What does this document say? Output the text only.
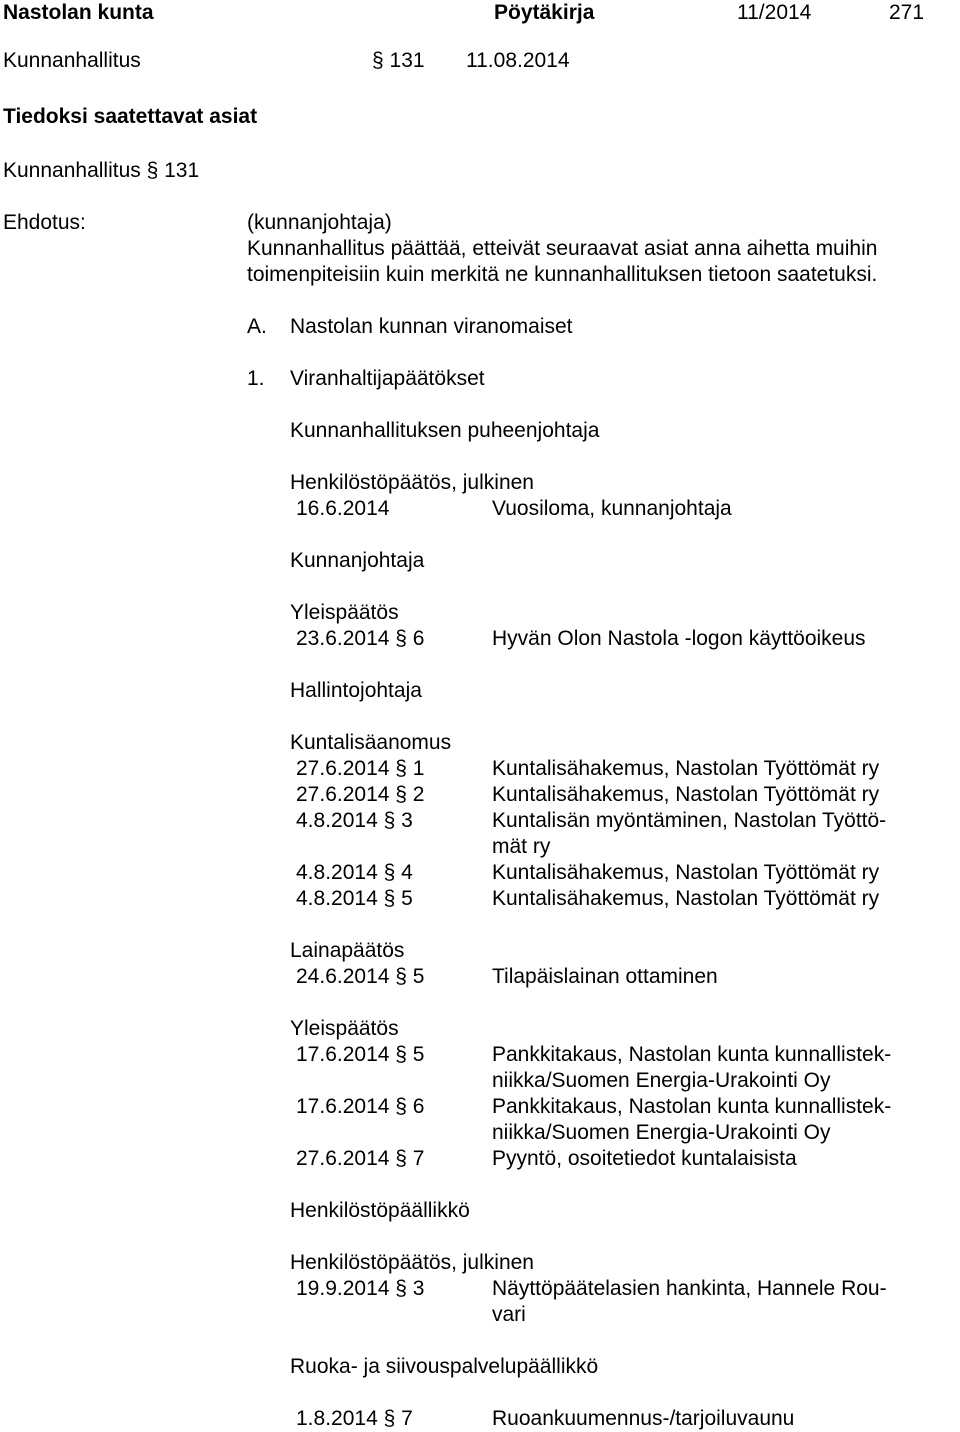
Nastolan kunta	Pöytäkirja	11/2014	271
Kunnanhallitus	§ 131 11.08.2014
Tiedoksi saatettavat asiat
Kunnanhallitus § 131
Ehdotus:	(kunnanjohtaja)
Kunnanhallitus päättää, etteivät seuraavat asiat anna aihetta muihin
toimenpiteisiin kuin merkitä ne kunnanhallituksen tietoon saatetuksi.
A. Nastolan kunnan viranomaiset
1. Viranhaltijapäätökset
Kunnanhallituksen puheenjohtaja
Henkilöstöpäätös, julkinen
16.6.2014	Vuosiloma, kunnanjohtaja
Kunnanjohtaja
Yleispäätös
23.6.2014 § 6	Hyvän Olon Nastola -logon käyttöoikeus
Hallintojohtaja
Kuntalisäanomus
27.6.2014 § 1	Kuntalisähakemus, Nastolan Työttömät ry
27.6.2014 § 2	Kuntalisähakemus, Nastolan Työttömät ry
4.8.2014 § 3	Kuntalisän myöntäminen, Nastolan Työttö-
mät ry
4.8.2014 § 4	Kuntalisähakemus, Nastolan Työttömät ry
4.8.2014 § 5	Kuntalisähakemus, Nastolan Työttömät ry
Lainapäätös
24.6.2014 § 5	Tilapäislainan ottaminen
Yleispäätös
17.6.2014 § 5	Pankkitakaus, Nastolan kunta kunnallistek-
niikka/Suomen Energia-Urakointi Oy
17.6.2014 § 6	Pankkitakaus, Nastolan kunta kunnallistek-
niikka/Suomen Energia-Urakointi Oy
27.6.2014 § 7	Pyyntö, osoitetiedot kuntalaisista
Henkilöstöpäällikkö
Henkilöstöpäätös, julkinen
19.9.2014 § 3	Näyttöpäätelasien hankinta, Hannele Rou-
vari
Ruoka- ja siivouspalvelupäällikkö
1.8.2014 § 7	Ruoankuumennus-/tarjoiluvaunu
